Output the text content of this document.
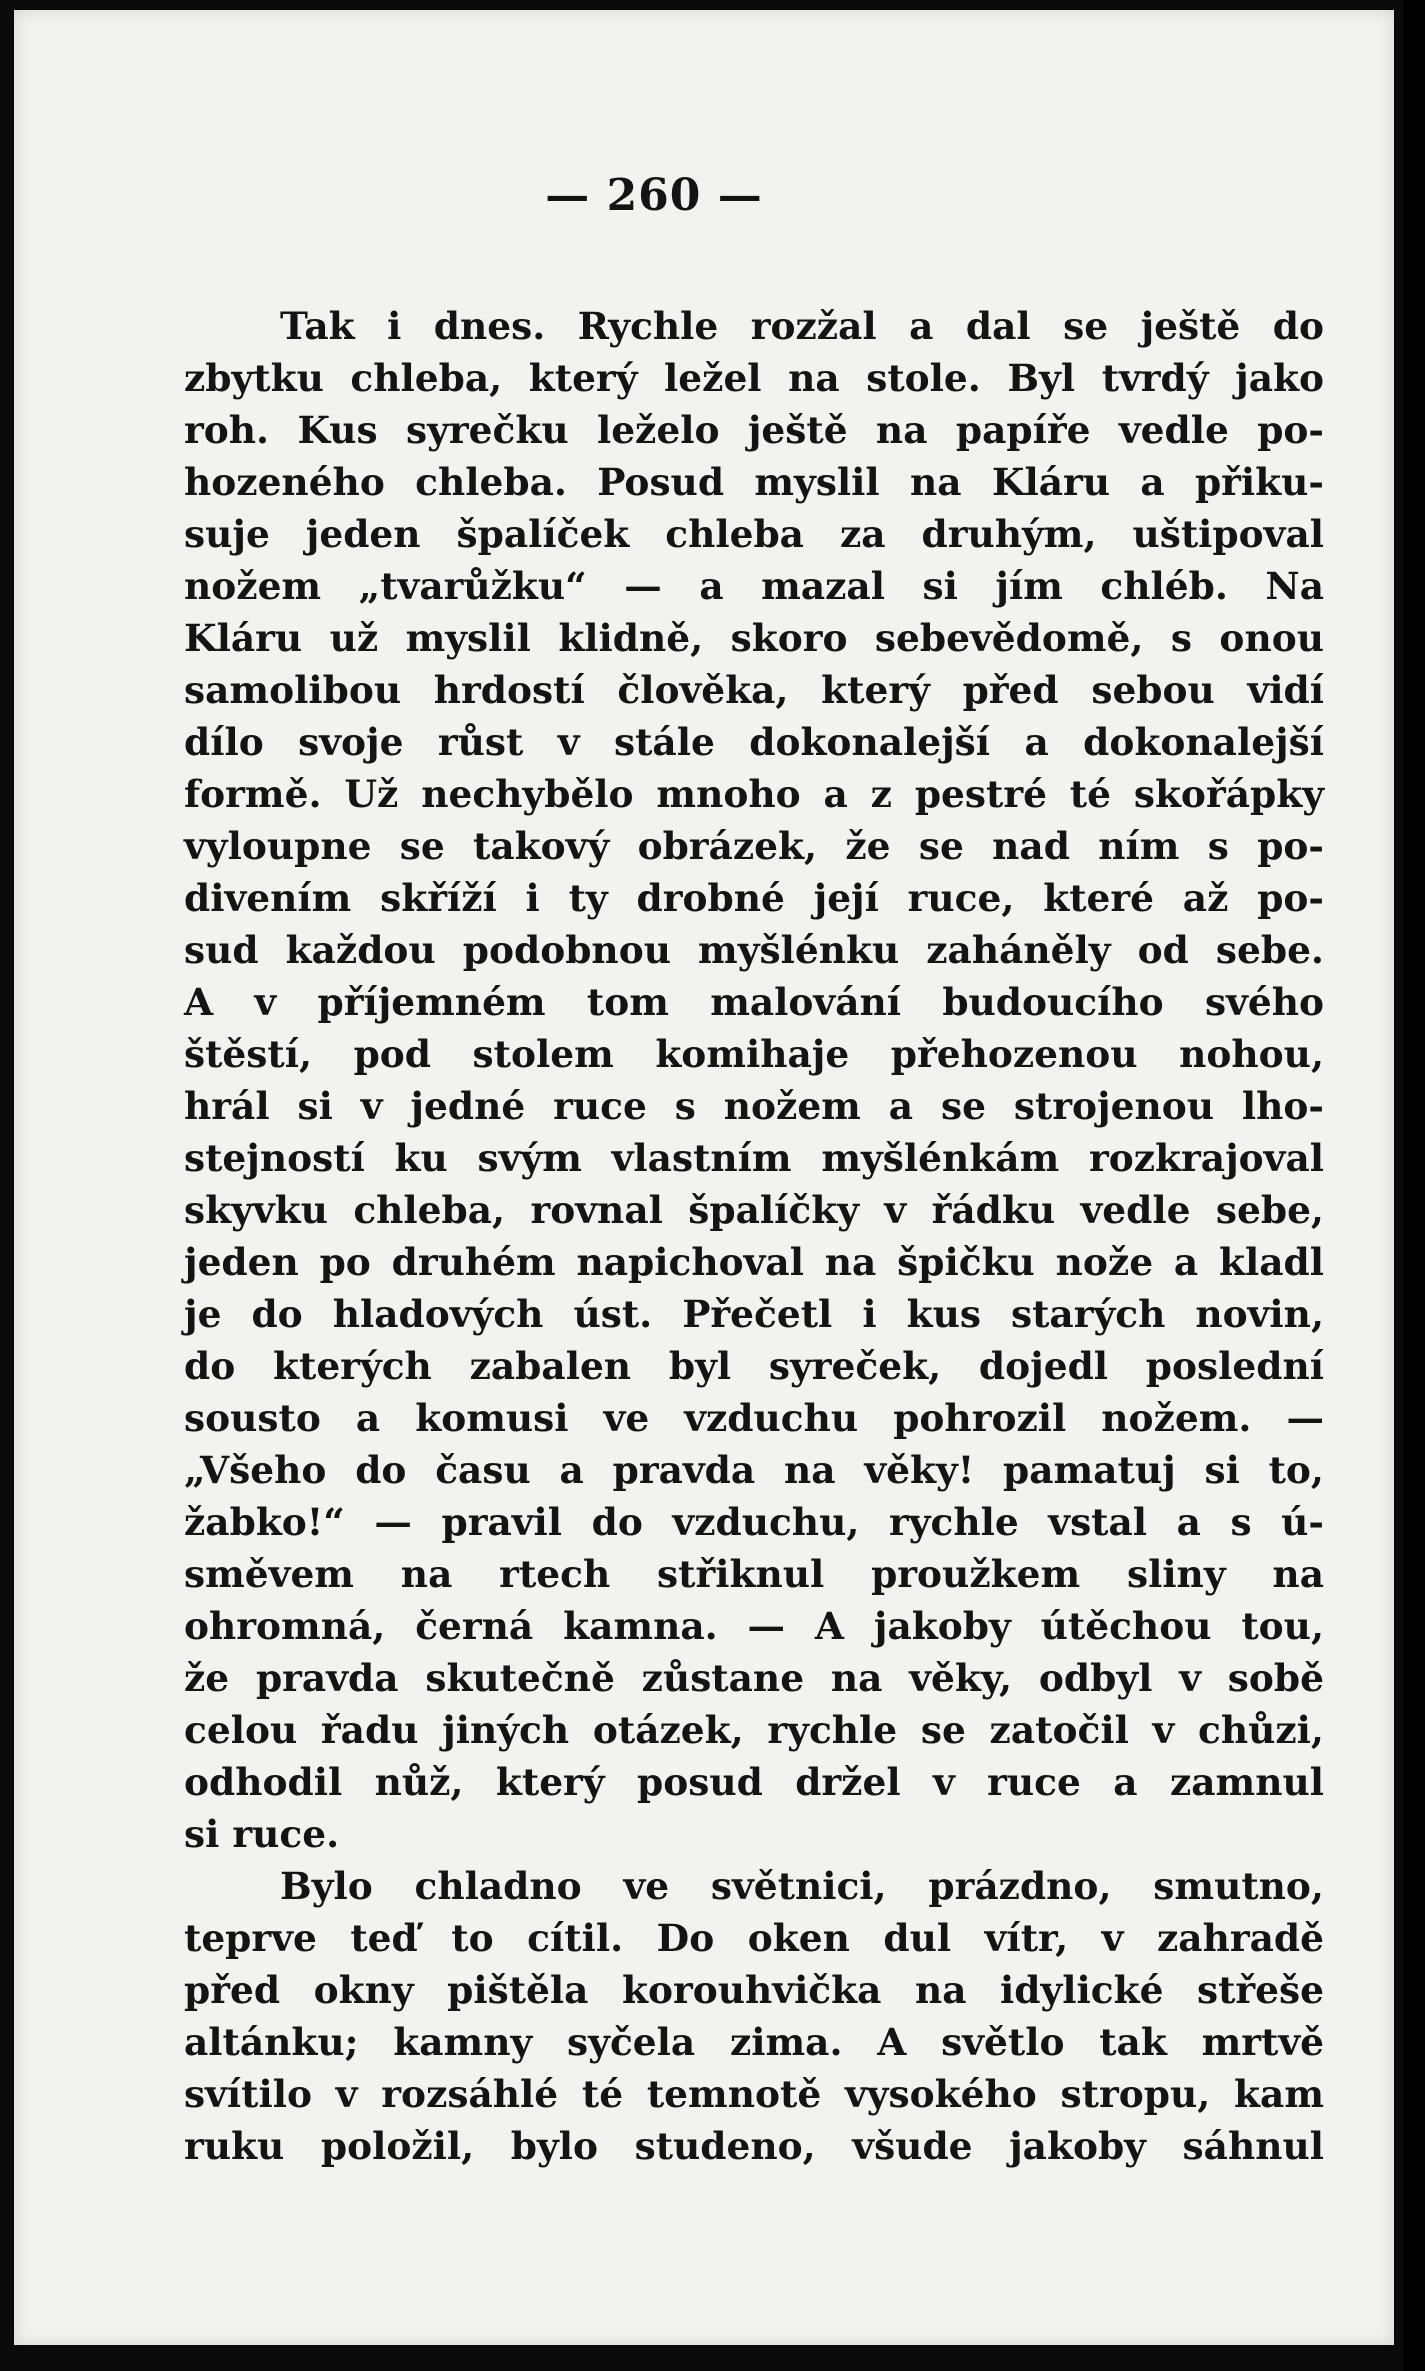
— 260 —
Tak i dnes. Rychle rozžal a dal se ještě do
zbytku chleba, který ležel na stole. Byl tvrdý jako
roh. Kus syrečku leželo ještě na papíře vedle po-
hozeného chleba. Posud myslil na Kláru a přiku-
suje jeden špalíček chleba za druhým, uštipoval
nožem „tvarůžku“ — a mazal si jím chléb. Na
Kláru už myslil klidně, skoro sebevědomě, s onou
samolibou hrdostí člověka, který před sebou vidí
dílo svoje růst v stále dokonalejší a dokonalejší
formě. Už nechybělo mnoho a z pestré té skořápky
vyloupne se takový obrázek, že se nad ním s po-
divením skříží i ty drobné její ruce, které až po-
sud každou podobnou myšlénku zaháněly od sebe.
A v příjemném tom malování budoucího svého
štěstí, pod stolem komihaje přehozenou nohou,
hrál si v jedné ruce s nožem a se strojenou lho-
stejností ku svým vlastním myšlénkám rozkrajoval
skyvku chleba, rovnal špalíčky v řádku vedle sebe,
jeden po druhém napichoval na špičku nože a kladl
je do hladových úst. Přečetl i kus starých novin,
do kterých zabalen byl syreček, dojedl poslední
sousto a komusi ve vzduchu pohrozil nožem. —
„Všeho do času a pravda na věky! pamatuj si to,
žabko!“ — pravil do vzduchu, rychle vstal a s ú-
směvem na rtech střiknul proužkem sliny na
ohromná, černá kamna. — A jakoby útěchou tou,
že pravda skutečně zůstane na věky, odbyl v sobě
celou řadu jiných otázek, rychle se zatočil v chůzi,
odhodil nůž, který posud držel v ruce a zamnul
si ruce.
Bylo chladno ve světnici, prázdno, smutno,
teprve teď to cítil. Do oken dul vítr, v zahradě
před okny pištěla korouhvička na idylické střeše
altánku; kamny syčela zima. A světlo tak mrtvě
svítilo v rozsáhlé té temnotě vysokého stropu, kam
ruku položil, bylo studeno, všude jakoby sáhnul
